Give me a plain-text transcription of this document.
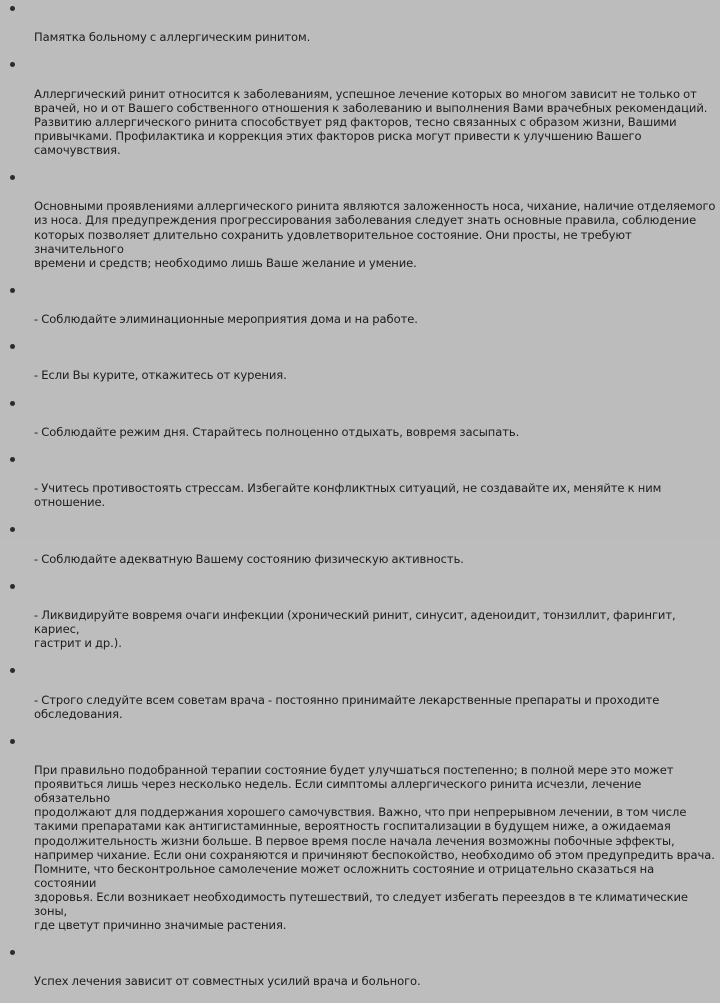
Памятка больному с аллергическим ринитом.

Аллергический ринит относится к заболеваниям, успешное лечение которых во многом зависит не только от
врачей, но и от Вашего собственного отношения к заболеванию и выполнения Вами врачебных рекомендаций.
Развитию аллергического ринита способствует ряд факторов, тесно связанных с образом жизни, Вашими
привычками. Профилактика и коррекция этих факторов риска могут привести к улучшению Вашего самочувствия.

Основными проявлениями аллергического ринита являются заложенность носа, чихание, наличие отделяемого
из носа. Для предупреждения прогрессирования заболевания следует знать основные правила, соблюдение
которых позволяет длительно сохранить удовлетворительное состояние. Они просты, не требуют значительного
времени и средств; необходимо лишь Ваше желание и умение.

- Соблюдайте элиминационные мероприятия дома и на работе.

- Если Вы курите, откажитесь от курения.

- Соблюдайте режим дня. Старайтесь полноценно отдыхать, вовремя засыпать.

- Учитесь противостоять стрессам. Избегайте конфликтных ситуаций, не создавайте их, меняйте к ним
отношение.

- Соблюдайте адекватную Вашему состоянию физическую активность.

- Ликвидируйте вовремя очаги инфекции (хронический ринит, синусит, аденоидит, тонзиллит, фарингит, кариес,
гастрит и др.).

- Строго следуйте всем советам врача - постоянно принимайте лекарственные препараты и проходите
обследования.

При правильно подобранной терапии состояние будет улучшаться постепенно; в полной мере это может
проявиться лишь через несколько недель. Если симптомы аллергического ринита исчезли, лечение обязательно
продолжают для поддержания хорошего самочувствия. Важно, что при непрерывном лечении, в том числе
такими препаратами как антигистаминные, вероятность госпитализации в будущем ниже, а ожидаемая
продолжительность жизни больше. В первое время после начала лечения возможны побочные эффекты,
например чихание. Если они сохраняются и причиняют беспокойство, необходимо об этом предупредить врача.
Помните, что бесконтрольное самолечение может осложнить состояние и отрицательно сказаться на состоянии
здоровья. Если возникает необходимость путешествий, то следует избегать переездов в те климатические зоны,
где цветут причинно значимые растения.

Успех лечения зависит от совместных усилий врача и больного.
